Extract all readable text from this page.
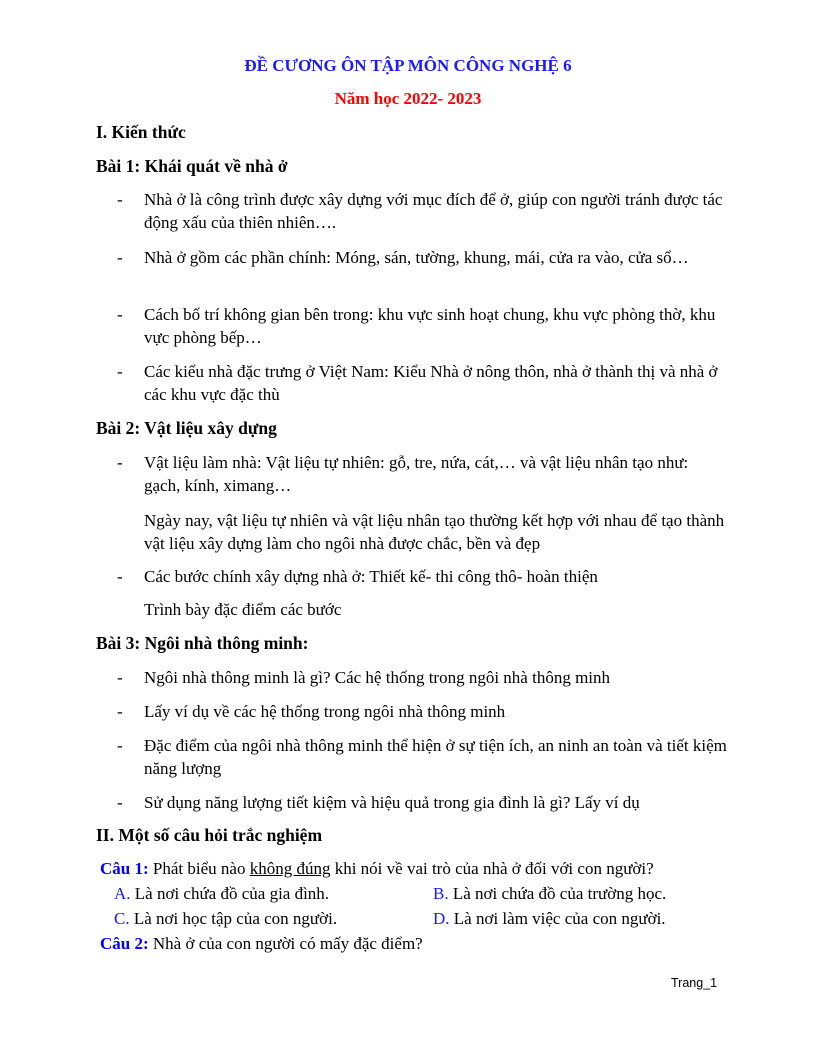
ĐỀ CƯƠNG ÔN TẬP MÔN CÔNG NGHỆ 6
Năm học 2022- 2023
I. Kiến thức
Bài 1: Khái quát về nhà ở
-	Nhà ở là công trình được xây dựng với mục đích để ở, giúp con người tránh được tác động xấu của thiên nhiên….
-	Nhà ở gồm các phần chính: Móng, sán, tường, khung, mái, cửa ra vào, cửa sổ…
-	Cách bố trí không gian bên trong: khu vực sinh hoạt chung, khu vực phòng thờ, khu vực phòng bếp…
-	Các kiểu nhà đặc trưng ở Việt Nam: Kiểu Nhà ở nông thôn, nhà ở thành thị và nhà ở các khu vực đặc thù
Bài 2: Vật liệu xây dựng
-	Vật liệu làm nhà: Vật liệu tự nhiên: gỗ, tre, nứa, cát,… và vật liệu nhân tạo như: gạch, kính, ximang…
Ngày nay, vật liệu tự nhiên và vật liệu nhân tạo thường kết hợp với nhau để tạo thành vật liệu xây dựng làm cho ngôi nhà được chắc, bền và đẹp
-	Các bước chính xây dựng nhà ở: Thiết kế- thi công thô- hoàn thiện
Trình bày đặc điểm các bước
Bài 3: Ngôi nhà thông minh:
-	Ngôi nhà thông minh là gì? Các hệ thống trong ngôi nhà thông minh
-	Lấy ví dụ về các hệ thống trong ngôi nhà thông minh
-	Đặc điểm của ngôi nhà thông minh thể hiện ở sự tiện ích, an ninh an toàn và tiết kiệm năng lượng
-	Sử dụng năng lượng tiết kiệm và hiệu quả trong gia đình là gì? Lấy ví dụ
II. Một số câu hỏi trắc nghiệm
Câu 1: Phát biểu nào không đúng khi nói về vai trò của nhà ở đối với con người?
A. Là nơi chứa đồ của gia đình.	B. Là nơi chứa đồ của trường học.
C. Là nơi học tập của con người.	D. Là nơi làm việc của con người.
Câu 2: Nhà ở của con người có mấy đặc điểm?
Trang_1
